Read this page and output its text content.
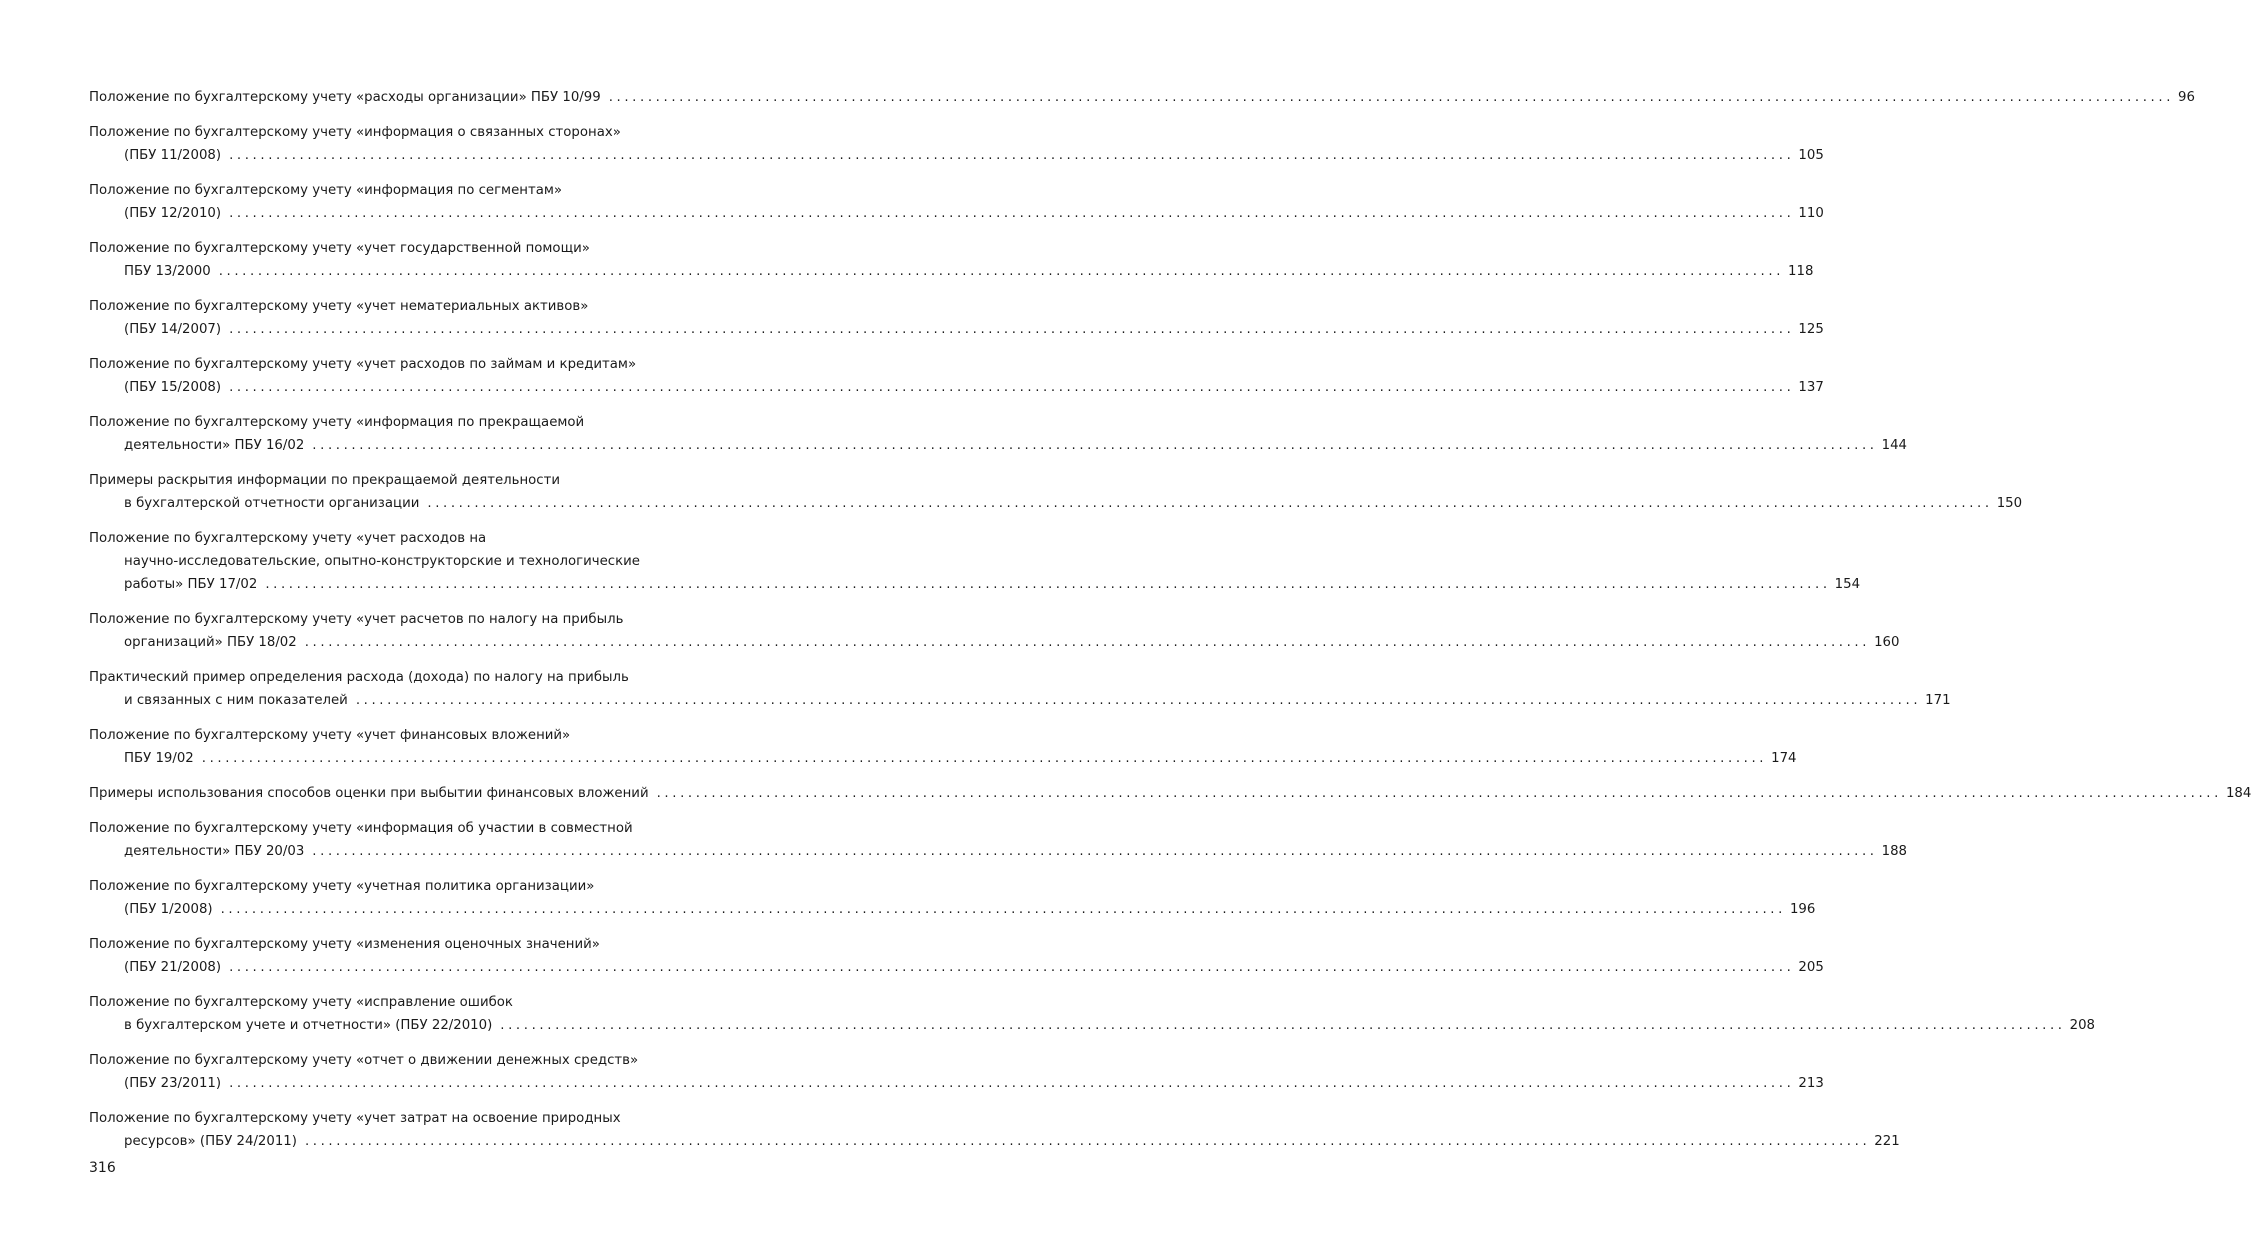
Положение по бухгалтерскому учету «расходы организации» ПБУ 10/99 ........................................................................................................................................................................................................ 96
Положение по бухгалтерскому учету «информация о связанных сторонах»
(ПБУ 11/2008) ........................................................................................................................................................................................................ 105
Положение по бухгалтерскому учету «информация по сегментам»
(ПБУ 12/2010) ........................................................................................................................................................................................................ 110
Положение по бухгалтерскому учету «учет государственной помощи»
ПБУ 13/2000 ........................................................................................................................................................................................................ 118
Положение по бухгалтерскому учету «учет нематериальных активов»
(ПБУ 14/2007) ........................................................................................................................................................................................................ 125
Положение по бухгалтерскому учету «учет расходов по займам и кредитам»
(ПБУ 15/2008) ........................................................................................................................................................................................................ 137
Положение по бухгалтерскому учету «информация по прекращаемой
деятельности» ПБУ 16/02 ........................................................................................................................................................................................................ 144
Примеры раскрытия информации по прекращаемой деятельности
в бухгалтерской отчетности организации ........................................................................................................................................................................................................ 150
Положение по бухгалтерскому учету «учет расходов на
научно-исследовательские, опытно-конструкторские и технологические
работы» ПБУ 17/02 ........................................................................................................................................................................................................ 154
Положение по бухгалтерскому учету «учет расчетов по налогу на прибыль
организаций» ПБУ 18/02 ........................................................................................................................................................................................................ 160
Практический пример определения расхода (дохода) по налогу на прибыль
и связанных с ним показателей ........................................................................................................................................................................................................ 171
Положение по бухгалтерскому учету «учет финансовых вложений»
ПБУ 19/02 ........................................................................................................................................................................................................ 174
Примеры использования способов оценки при выбытии финансовых вложений ........................................................................................................................................................................................................ 184
Положение по бухгалтерскому учету «информация об участии в совместной
деятельности» ПБУ 20/03 ........................................................................................................................................................................................................ 188
Положение по бухгалтерскому учету «учетная политика организации»
(ПБУ 1/2008) ........................................................................................................................................................................................................ 196
Положение по бухгалтерскому учету «изменения оценочных значений»
(ПБУ 21/2008) ........................................................................................................................................................................................................ 205
Положение по бухгалтерскому учету «исправление ошибок
в бухгалтерском учете и отчетности» (ПБУ 22/2010) ........................................................................................................................................................................................................ 208
Положение по бухгалтерскому учету «отчет о движении денежных средств»
(ПБУ 23/2011) ........................................................................................................................................................................................................ 213
Положение по бухгалтерскому учету «учет затрат на освоение природных
ресурсов» (ПБУ 24/2011) ........................................................................................................................................................................................................ 221
316
